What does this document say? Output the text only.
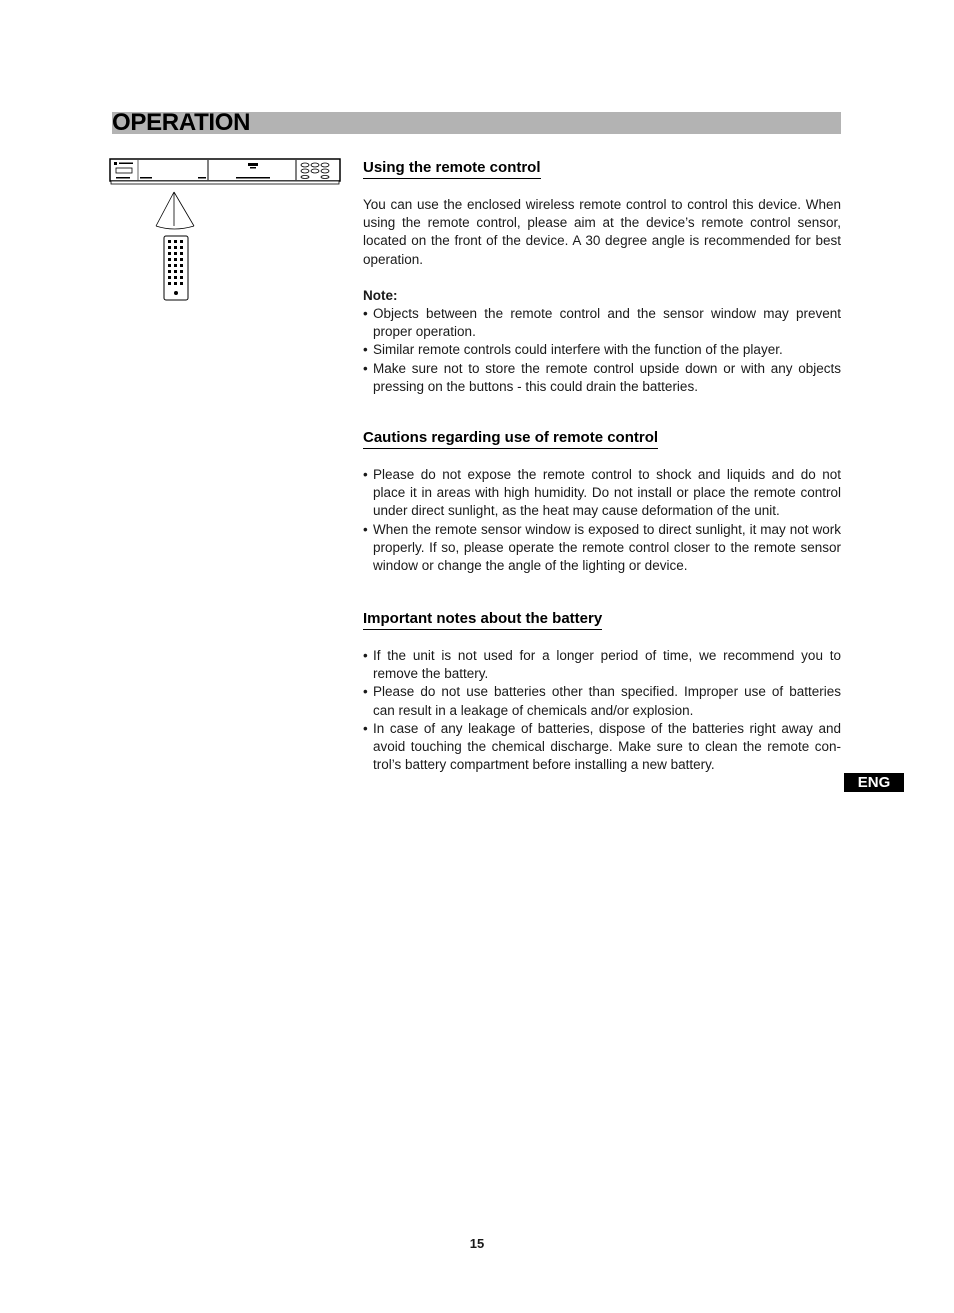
OPERATION
Using the remote control

You can use the enclosed wireless remote control to control this device. When using the remote control, please aim at the device’s remote control sensor, located on the front of the device. A 30 degree angle is recommended for best operation.

Note:

• Objects between the remote control and the sensor window may prevent proper operation.
• Similar remote controls could interfere with the function of the player.
• Make sure not to store the remote control upside down or with any objects pressing on the buttons - this could drain the batteries.
Cautions regarding use of remote control
• Please do not expose the remote control to shock and liquids and do not place it in areas with high humidity. Do not install or place the remote control under direct sunlight, as the heat may cause deformation of the unit.
• When the remote sensor window is exposed to direct sunlight, it may not work properly. If so, please operate the remote control closer to the remote sensor window or change the angle of the lighting or device.
Important notes about the battery
• If the unit is not used for a longer period of time, we recommend you to remove the battery.
• Please do not use batteries other than specified. Improper use of batteries can result in a leakage of chemicals and/or explosion.
• In case of any leakage of batteries, dispose of the batteries right away and avoid touching the chemical discharge. Make sure to clean the remote con-trol’s battery compartment before installing a new battery.
ENG
15
